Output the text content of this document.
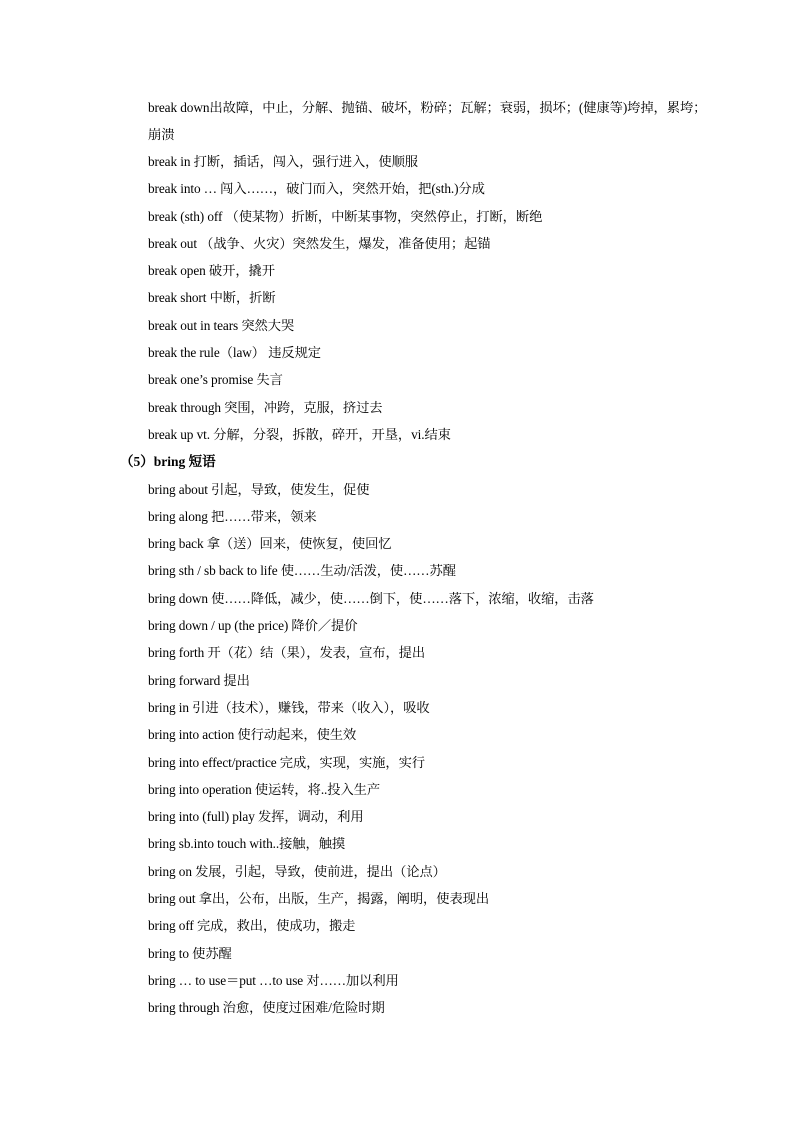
break down出故障，中止，分解、抛锚、破坏，粉碎；瓦解；衰弱，损坏；(健康等)垮掉，累垮；崩溃
break in 打断，插话，闯入，强行进入，使顺服
break into … 闯入……，破门而入，突然开始，把(sth.)分成
break (sth) off （使某物）折断，中断某事物，突然停止，打断，断绝
break out （战争、火灾）突然发生，爆发，准备使用；起锚
break open 破开，撬开
break short 中断，折断
break out in tears 突然大哭
break the rule（law） 违反规定
break one’s promise 失言
break through 突围，冲跨，克服，挤过去
break up vt. 分解，分裂，拆散，碎开，开垦，vi.结束
（5）bring 短语
bring about 引起，导致，使发生，促使
bring along 把……带来，领来
bring back 拿（送）回来，使恢复，使回忆
bring sth / sb back to life 使……生动/活泼，使……苏醒
bring down 使……降低，减少，使……倒下，使……落下，浓缩，收缩，击落
bring down / up (the price) 降价／提价
bring forth 开（花）结（果），发表，宣布，提出
bring forward 提出
bring in 引进（技术），赚钱，带来（收入），吸收
bring into action 使行动起来，使生效
bring into effect/practice 完成，实现，实施，实行
bring into operation 使运转，将..投入生产
bring into (full) play 发挥，调动，利用
bring sb.into touch with..接触，触摸
bring on 发展，引起，导致，使前进，提出（论点）
bring out 拿出，公布，出版，生产，揭露，阐明，使表现出
bring off 完成，救出，使成功，搬走
bring to 使苏醒
bring … to use＝put …to use 对……加以利用
bring through 治愈，使度过困难/危险时期
